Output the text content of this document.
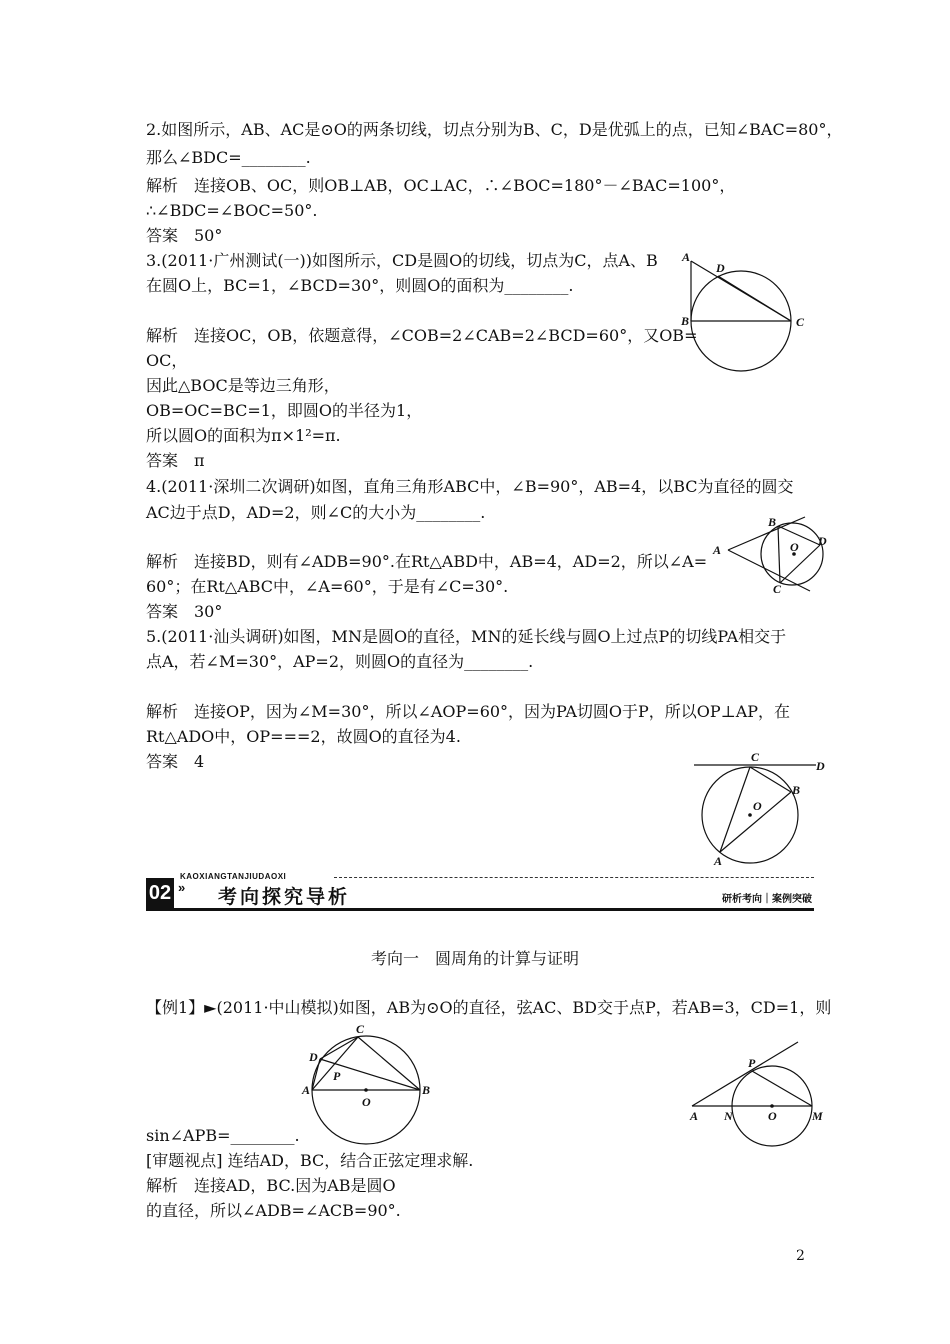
2.如图所示，AB、AC是⊙O的两条切线，切点分别为B、C，D是优弧上的点，已知∠BAC=80°，
那么∠BDC=________.
解析　连接OB、OC，则OB⊥AB，OC⊥AC，∴∠BOC=180°－∠BAC=100°，
∴∠BDC=∠BOC=50°.
答案　50°
3.(2011·广州测试(一))如图所示，CD是圆O的切线，切点为C，点A、B
在圆O上，BC=1，∠BCD=30°，则圆O的面积为________.
解析　连接OC，OB，依题意得，∠COB=2∠CAB=2∠BCD=60°，又OB=
OC，
因此△BOC是等边三角形，
OB=OC=BC=1，即圆O的半径为1，
所以圆O的面积为π×1²=π.
答案　π
4.(2011·深圳二次调研)如图，直角三角形ABC中，∠B=90°，AB=4，以BC为直径的圆交
AC边于点D，AD=2，则∠C的大小为________.
解析　连接BD，则有∠ADB=90°.在Rt△ABD中，AB=4，AD=2，所以∠A=
60°；在Rt△ABC中，∠A=60°，于是有∠C=30°.
答案　30°
5.(2011·汕头调研)如图，MN是圆O的直径，MN的延长线与圆O上过点P的切线PA相交于
点A，若∠M=30°，AP=2，则圆O的直径为________.
解析　连接OP，因为∠M=30°，所以∠AOP=60°，因为PA切圆O于P，所以OP⊥AP，在
Rt△ADO中，OP===2，故圆O的直径为4.
答案　4
A
D
B	C
B
A	O D
C
C
D
O
B
A
02 »
KAOXIANGTANJIUDAOXI
考向探究导析	研析考向｜案例突破
考向一　圆周角的计算与证明
【例1】►(2011·中山模拟)如图，AB为⊙O的直径，弦AC、BD交于点P，若AB=3，CD=1，则
sin∠APB=________.
[审题视点] 连结AD，BC，结合正弦定理求解.
解析　连接AD，BC.因为AB是圆O
的直径，所以∠ADB=∠ACB=90°.
C
D
P
A
O
B
P
A N	O	M
2
